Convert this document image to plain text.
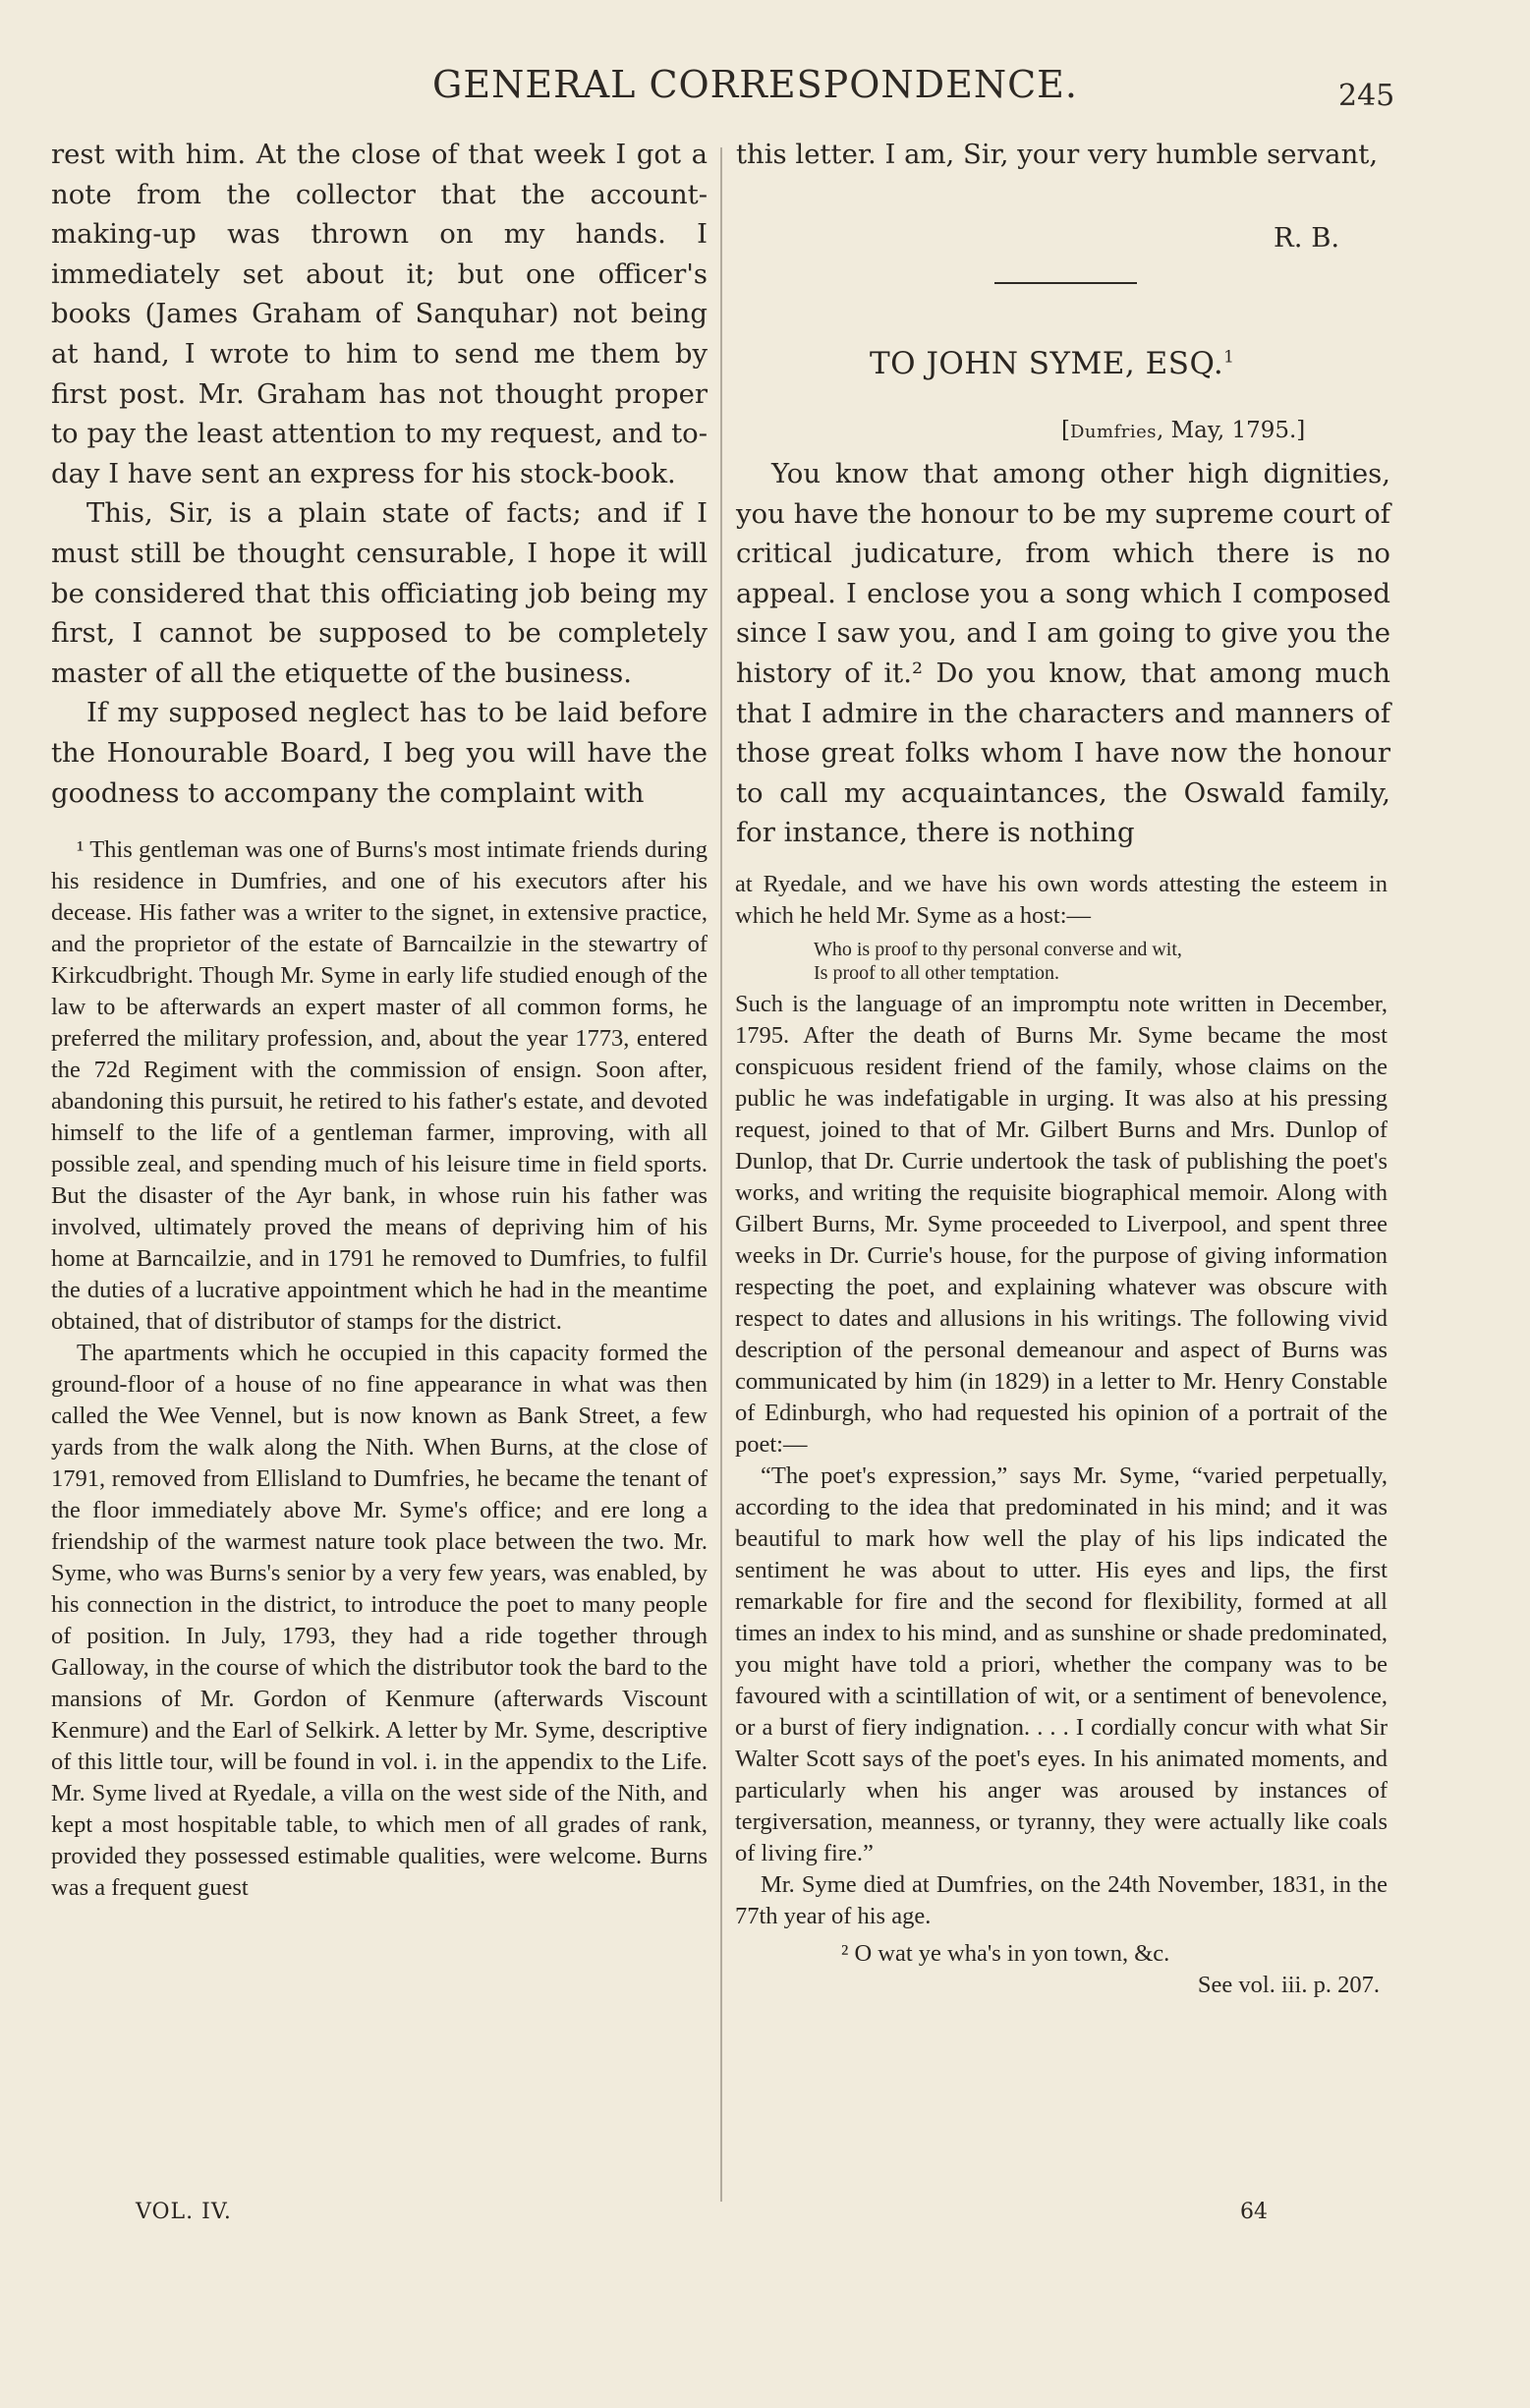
GENERAL CORRESPONDENCE.	245

rest with him. At the close of that week I got a note from the collector that the account-making-up was thrown on my hands. I immediately set about it; but one officer's books (James Graham of Sanquhar) not being at hand, I wrote to him to send me them by first post. Mr. Graham has not thought proper to pay the least attention to my request, and to-day I have sent an express for his stock-book.

This, Sir, is a plain state of facts; and if I must still be thought censurable, I hope it will be considered that this officiating job being my first, I cannot be supposed to be completely master of all the etiquette of the business.

If my supposed neglect has to be laid before the Honourable Board, I beg you will have the goodness to accompany the complaint with

¹ This gentleman was one of Burns's most intimate friends during his residence in Dumfries, and one of his executors after his decease. His father was a writer to the signet, in extensive practice, and the proprietor of the estate of Barncailzie in the stewartry of Kirkcudbright. Though Mr. Syme in early life studied enough of the law to be afterwards an expert master of all common forms, he preferred the military profession, and, about the year 1773, entered the 72d Regiment with the commission of ensign. Soon after, abandoning this pursuit, he retired to his father's estate, and devoted himself to the life of a gentleman farmer, improving, with all possible zeal, and spending much of his leisure time in field sports. But the disaster of the Ayr bank, in whose ruin his father was involved, ultimately proved the means of depriving him of his home at Barncailzie, and in 1791 he removed to Dumfries, to fulfil the duties of a lucrative appointment which he had in the meantime obtained, that of distributor of stamps for the district.

The apartments which he occupied in this capacity formed the ground-floor of a house of no fine appearance in what was then called the Wee Vennel, but is now known as Bank Street, a few yards from the walk along the Nith. When Burns, at the close of 1791, removed from Ellisland to Dumfries, he became the tenant of the floor immediately above Mr. Syme's office; and ere long a friendship of the warmest nature took place between the two. Mr. Syme, who was Burns's senior by a very few years, was enabled, by his connection in the district, to introduce the poet to many people of position. In July, 1793, they had a ride together through Galloway, in the course of which the distributor took the bard to the mansions of Mr. Gordon of Kenmure (afterwards Viscount Kenmure) and the Earl of Selkirk. A letter by Mr. Syme, descriptive of this little tour, will be found in vol. i. in the appendix to the Life. Mr. Syme lived at Ryedale, a villa on the west side of the Nith, and kept a most hospitable table, to which men of all grades of rank, provided they possessed estimable qualities, were welcome. Burns was a frequent guest

this letter. I am, Sir, your very humble servant,
R. B.
TO JOHN SYME, ESQ.$^1$
[Dumfries, May, 1795.]

You know that among other high dignities, you have the honour to be my supreme court of critical judicature, from which there is no appeal. I enclose you a song which I composed since I saw you, and I am going to give you the history of it.² Do you know, that among much that I admire in the characters and manners of those great folks whom I have now the honour to call my acquaintances, the Oswald family, for instance, there is nothing

at Ryedale, and we have his own words attesting the esteem in which he held Mr. Syme as a host:—

Who is proof to thy personal converse and wit,
Is proof to all other temptation.

Such is the language of an impromptu note written in December, 1795. After the death of Burns Mr. Syme became the most conspicuous resident friend of the family, whose claims on the public he was indefatigable in urging. It was also at his pressing request, joined to that of Mr. Gilbert Burns and Mrs. Dunlop of Dunlop, that Dr. Currie undertook the task of publishing the poet's works, and writing the requisite biographical memoir. Along with Gilbert Burns, Mr. Syme proceeded to Liverpool, and spent three weeks in Dr. Currie's house, for the purpose of giving information respecting the poet, and explaining whatever was obscure with respect to dates and allusions in his writings. The following vivid description of the personal demeanour and aspect of Burns was communicated by him (in 1829) in a letter to Mr. Henry Constable of Edinburgh, who had requested his opinion of a portrait of the poet:—

“The poet's expression,” says Mr. Syme, “varied perpetually, according to the idea that predominated in his mind; and it was beautiful to mark how well the play of his lips indicated the sentiment he was about to utter. His eyes and lips, the first remarkable for fire and the second for flexibility, formed at all times an index to his mind, and as sunshine or shade predominated, you might have told a priori, whether the company was to be favoured with a scintillation of wit, or a sentiment of benevolence, or a burst of fiery indignation. . . . I cordially concur with what Sir Walter Scott says of the poet's eyes. In his animated moments, and particularly when his anger was aroused by instances of tergiversation, meanness, or tyranny, they were actually like coals of living fire.”

Mr. Syme died at Dumfries, on the 24th November, 1831, in the 77th year of his age.

² O wat ye wha's in yon town, &c.
See vol. iii. p. 207.
VOL. IV.	64
